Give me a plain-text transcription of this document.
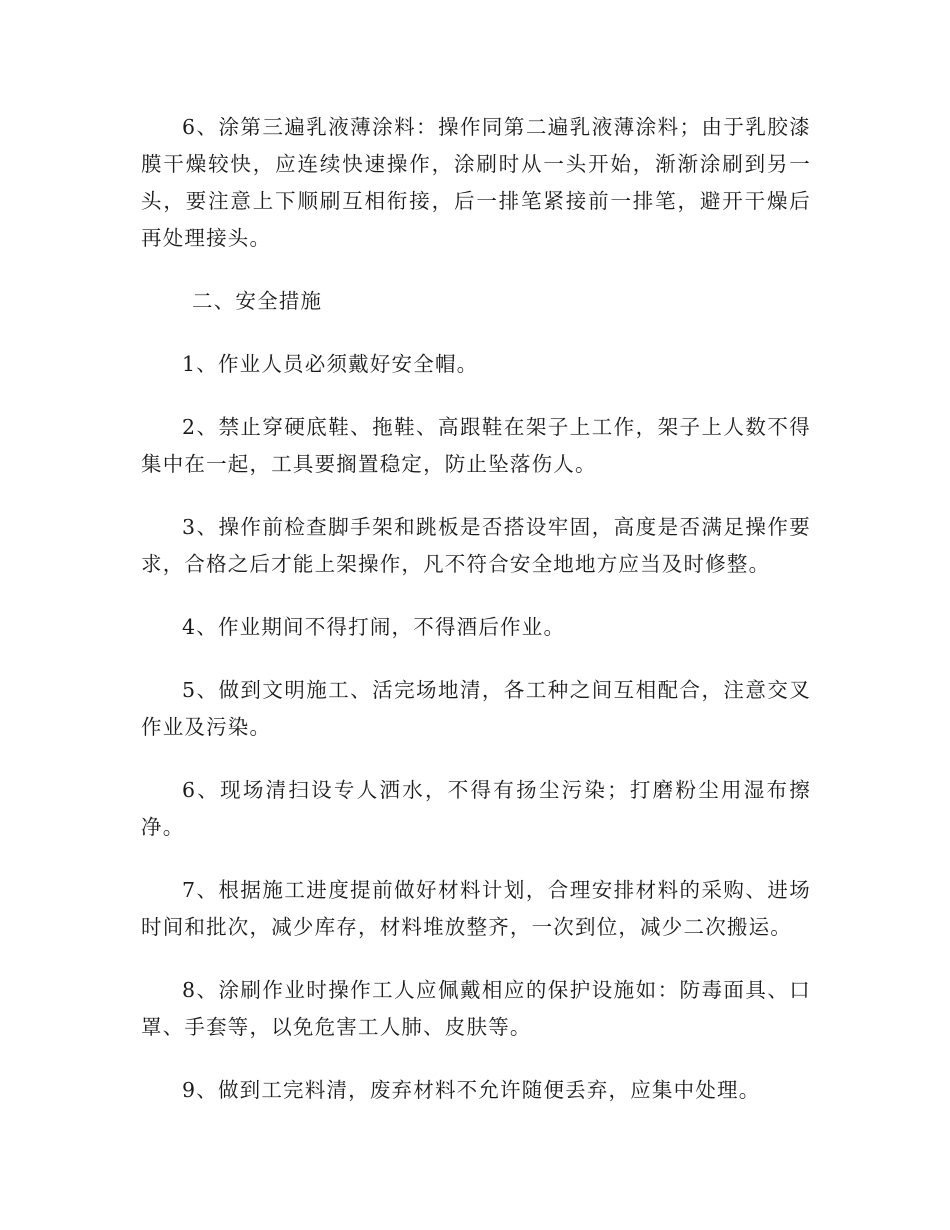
6、涂第三遍乳液薄涂料：操作同第二遍乳液薄涂料；由于乳胶漆膜干燥较快，应连续快速操作，涂刷时从一头开始，渐渐涂刷到另一头，要注意上下顺刷互相衔接，后一排笔紧接前一排笔，避开干燥后再处理接头。

二、安全措施

1、作业人员必须戴好安全帽。

2、禁止穿硬底鞋、拖鞋、高跟鞋在架子上工作，架子上人数不得集中在一起，工具要搁置稳定，防止坠落伤人。

3、操作前检查脚手架和跳板是否搭设牢固，高度是否满足操作要求，合格之后才能上架操作，凡不符合安全地地方应当及时修整。

4、作业期间不得打闹，不得酒后作业。

5、做到文明施工、活完场地清，各工种之间互相配合，注意交叉作业及污染。

6、现场清扫设专人洒水，不得有扬尘污染；打磨粉尘用湿布擦净。

7、根据施工进度提前做好材料计划，合理安排材料的采购、进场时间和批次，减少库存，材料堆放整齐，一次到位，减少二次搬运。

8、涂刷作业时操作工人应佩戴相应的保护设施如：防毒面具、口罩、手套等，以免危害工人肺、皮肤等。

9、做到工完料清，废弃材料不允许随便丢弃，应集中处理。
